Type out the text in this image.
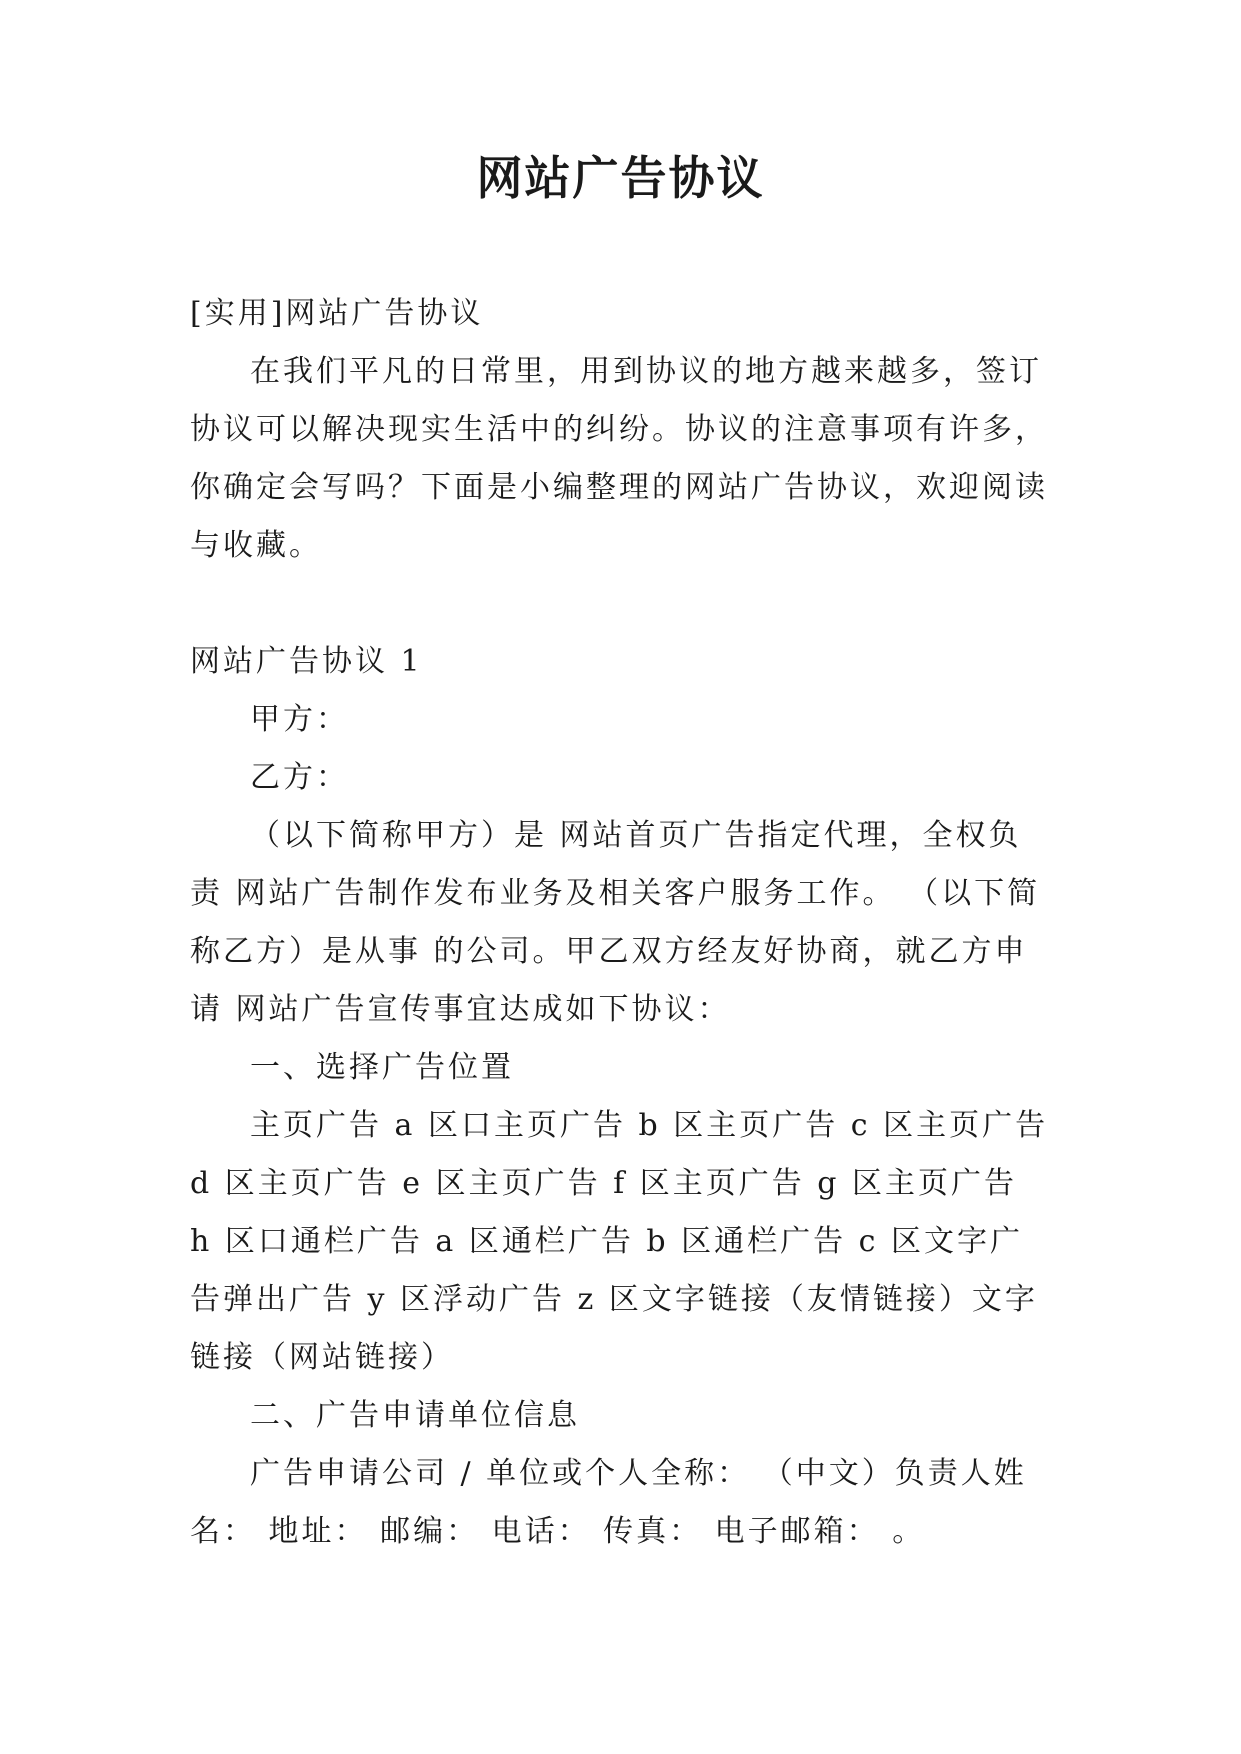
网站广告协议

[实用]网站广告协议

在我们平凡的日常里，用到协议的地方越来越多，签订协议可以解决现实生活中的纠纷。协议的注意事项有许多，你确定会写吗？下面是小编整理的网站广告协议，欢迎阅读与收藏。

网站广告协议 1

甲方：

乙方：

（以下简称甲方）是 网站首页广告指定代理，全权负责 网站广告制作发布业务及相关客户服务工作。 （以下简称乙方）是从事 的公司。甲乙双方经友好协商，就乙方申请 网站广告宣传事宜达成如下协议：

一、选择广告位置

主页广告 a 区口主页广告 b 区主页广告 c 区主页广告 d 区主页广告 e 区主页广告 f 区主页广告 g 区主页广告 h 区口通栏广告 a 区通栏广告 b 区通栏广告 c 区文字广告弹出广告 y 区浮动广告 z 区文字链接（友情链接）文字链接（网站链接）

二、广告申请单位信息

广告申请公司 / 单位或个人全称： （中文）负责人姓名： 地址： 邮编： 电话： 传真： 电子邮箱： 。
